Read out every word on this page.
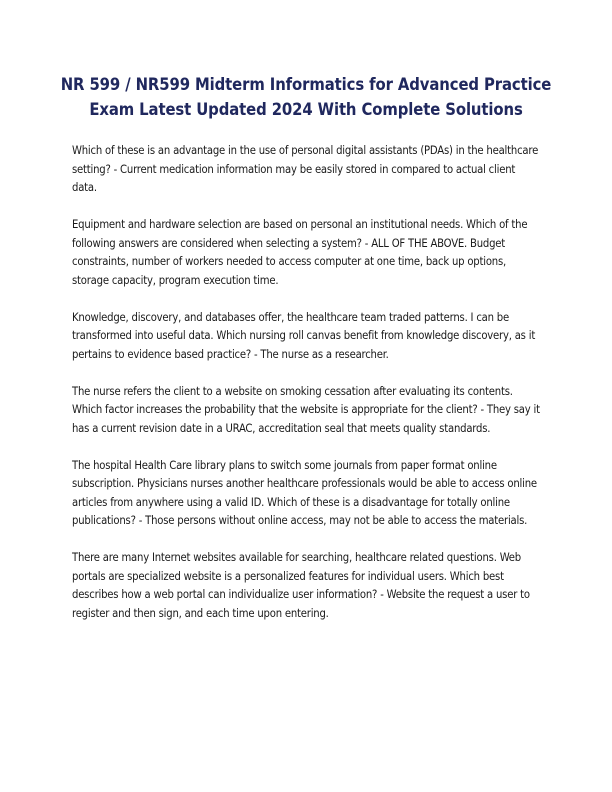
NR 599 / NR599 Midterm Informatics for Advanced Practice Exam Latest Updated 2024 With Complete Solutions

Which of these is an advantage in the use of personal digital assistants (PDAs) in the healthcare setting? - Current medication information may be easily stored in compared to actual client data.

Equipment and hardware selection are based on personal an institutional needs. Which of the following answers are considered when selecting a system? - ALL OF THE ABOVE. Budget constraints, number of workers needed to access computer at one time, back up options, storage capacity, program execution time.

Knowledge, discovery, and databases offer, the healthcare team traded patterns. I can be transformed into useful data. Which nursing roll canvas benefit from knowledge discovery, as it pertains to evidence based practice? - The nurse as a researcher.

The nurse refers the client to a website on smoking cessation after evaluating its contents. Which factor increases the probability that the website is appropriate for the client? - They say it has a current revision date in a URAC, accreditation seal that meets quality standards.

The hospital Health Care library plans to switch some journals from paper format online subscription. Physicians nurses another healthcare professionals would be able to access online articles from anywhere using a valid ID. Which of these is a disadvantage for totally online publications? - Those persons without online access, may not be able to access the materials.

There are many Internet websites available for searching, healthcare related questions. Web portals are specialized website is a personalized features for individual users. Which best describes how a web portal can individualize user information? - Website the request a user to register and then sign, and each time upon entering.
